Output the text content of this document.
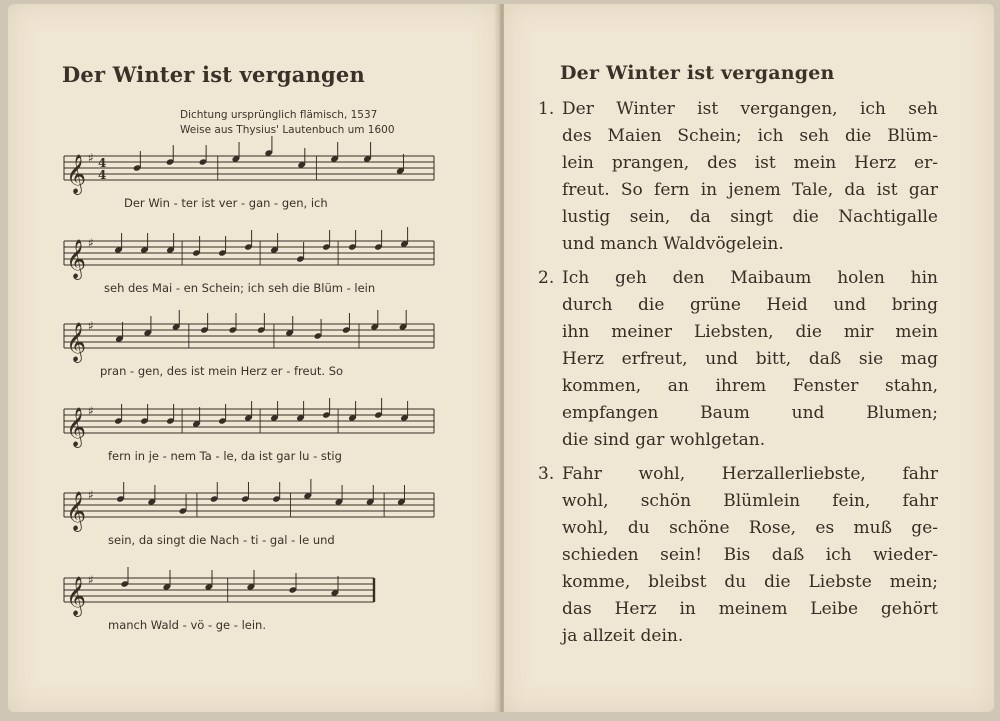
Der Winter ist vergangen
Dichtung ursprünglich flämisch, 1537
Weise aus Thysius' Lautenbuch um 1600
𝄞 ♯ 4
4
Der Win - ter ist ver - gan - gen, ich
𝄞 ♯
seh des Mai - en Schein; ich seh die Blüm - lein
𝄞 ♯
pran - gen, des ist mein Herz er - freut. So
𝄞 ♯
fern in je - nem Ta - le, da ist gar lu - stig
𝄞 ♯
sein, da singt die Nach - ti - gal - le und
𝄞 ♯
manch Wald - vö - ge - lein.
Der Winter ist vergangen
1. Der Winter ist vergangen, ich seh
des Maien Schein; ich seh die Blüm-
lein prangen, des ist mein Herz er-
freut. So fern in jenem Tale, da ist gar
lustig sein, da singt die Nachtigalle
und manch Waldvögelein.
2. Ich geh den Maibaum holen hin
durch die grüne Heid und bring
ihn meiner Liebsten, die mir mein
Herz erfreut, und bitt, daß sie mag
kommen, an ihrem Fenster stahn,
empfangen Baum und Blumen;
die sind gar wohlgetan.
3. Fahr wohl, Herzallerliebste, fahr
wohl, schön Blümlein fein, fahr
wohl, du schöne Rose, es muß ge-
schieden sein! Bis daß ich wieder-
komme, bleibst du die Liebste mein;
das Herz in meinem Leibe gehört
ja allzeit dein.
